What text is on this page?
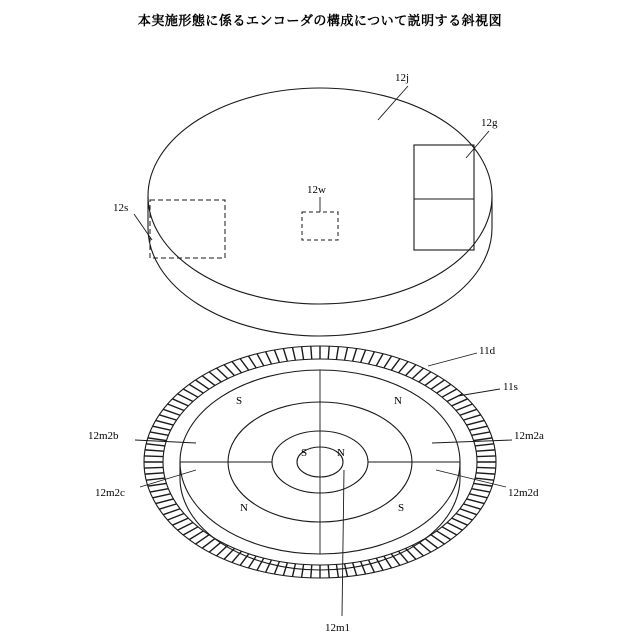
本実施形態に係るエンコーダの構成について説明する斜視図
12j
12g
12w
12s
11d
11s
12m2a
12m2d
12m2b
12m2c
12m1
S	N
S	N
N	S
